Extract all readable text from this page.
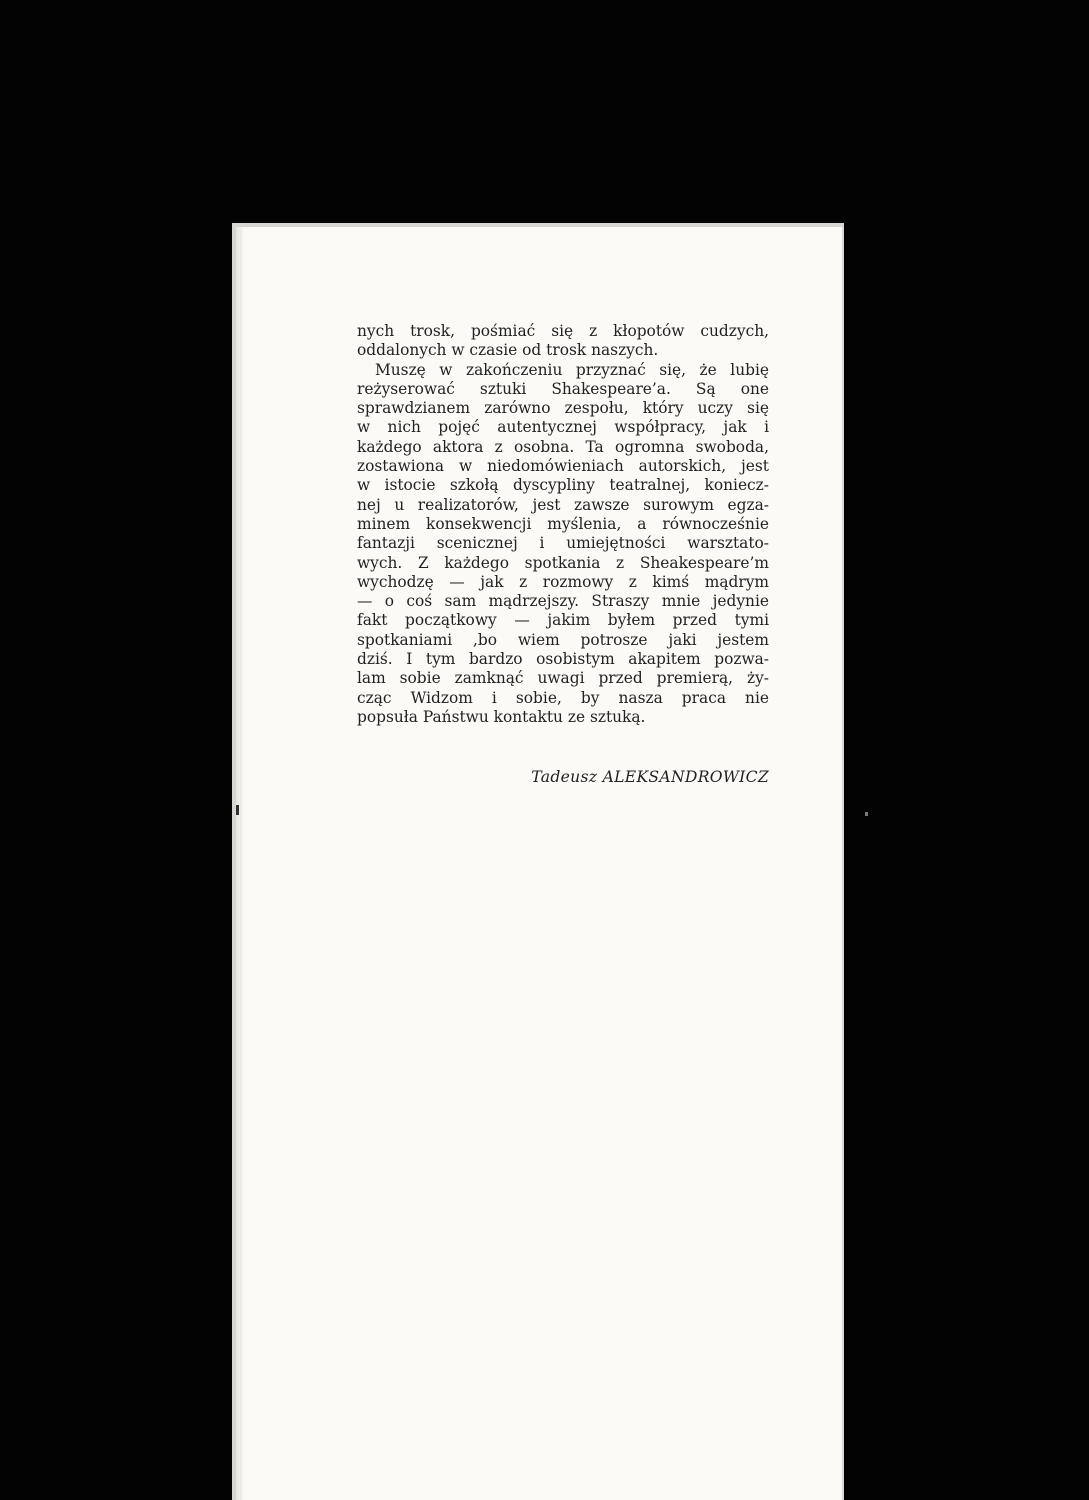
nych trosk, pośmiać się z kłopotów cudzych,
oddalonych w czasie od trosk naszych.
Muszę w zakończeniu przyznać się, że lubię
reżyserować sztuki Shakespeare’a. Są one
sprawdzianem zarówno zespołu, który uczy się
w nich pojęć autentycznej współpracy, jak i
każdego aktora z osobna. Ta ogromna swoboda,
zostawiona w niedomówieniach autorskich, jest
w istocie szkołą dyscypliny teatralnej, koniecz-
nej u realizatorów, jest zawsze surowym egza-
minem konsekwencji myślenia, a równocześnie
fantazji scenicznej i umiejętności warsztato-
wych. Z każdego spotkania z Sheakespeare’m
wychodzę — jak z rozmowy z kimś mądrym
— o coś sam mądrzejszy. Straszy mnie jedynie
fakt początkowy — jakim byłem przed tymi
spotkaniami ,bo wiem potrosze jaki jestem
dziś. I tym bardzo osobistym akapitem pozwa-
lam sobie zamknąć uwagi przed premierą, ży-
cząc Widzom i sobie, by nasza praca nie
popsuła Państwu kontaktu ze sztuką.
Tadeusz ALEKSANDROWICZ
